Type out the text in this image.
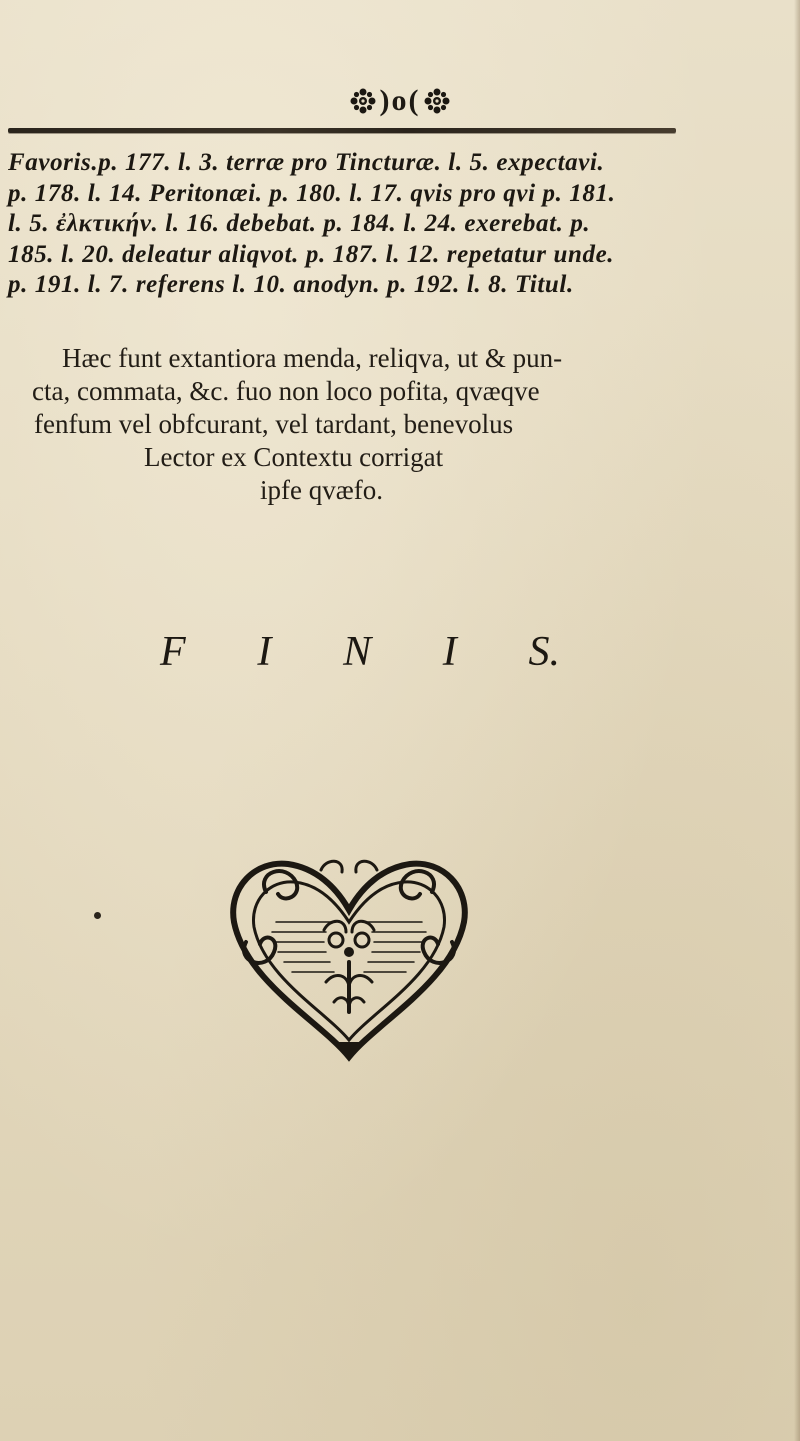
)o(
Favoris.p. 177. l. 3. terræ pro Tincturæ. l. 5. expectavi.
p. 178. l. 14. Peritonæi. p. 180. l. 17. qvis pro qvi p. 181.
l. 5. ἐλκτικήν. l. 16. debebat. p. 184. l. 24. exerebat. p.
185. l. 20. deleatur aliqvot. p. 187. l. 12. repetatur unde.
p. 191. l. 7. referens l. 10. anodyn. p. 192. l. 8. Titul.
Hæc funt extantiora menda, reliqva, ut & pun-
cta, commata, &c. fuo non loco pofita, qvæqve
fenfum vel obfcurant, vel tardant, benevolus
Lector ex Contextu corrigat
ipfe qvæfo.
F I N I S.
